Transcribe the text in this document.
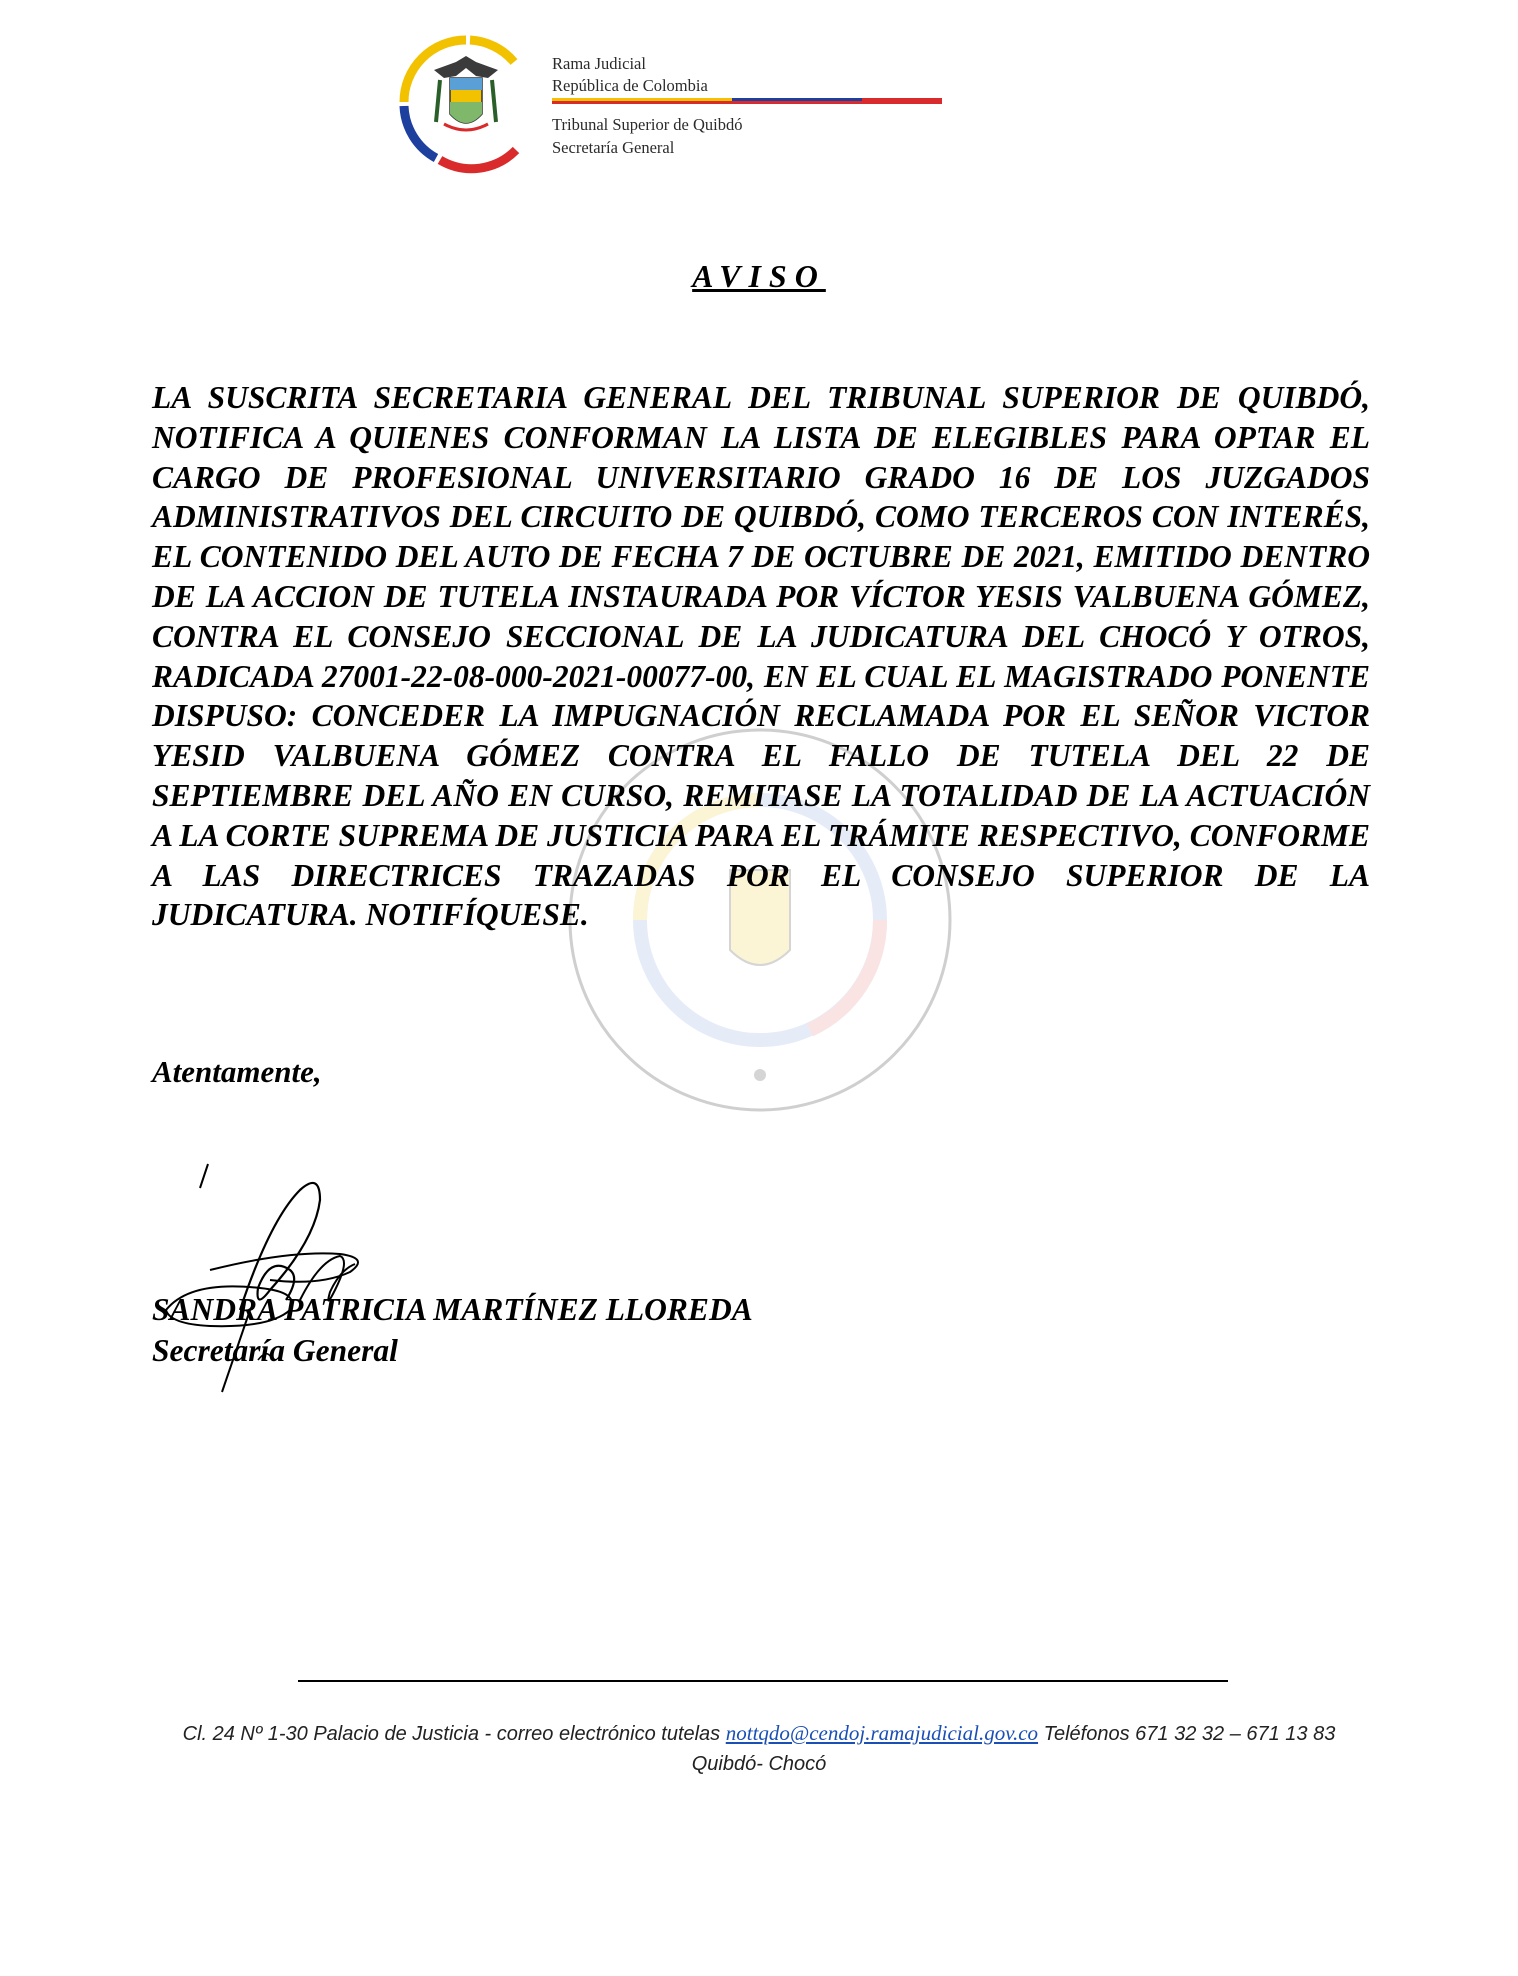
Rama Judicial
República de Colombia
Tribunal Superior de Quibdó
Secretaría General
AVISO
LA SUSCRITA SECRETARIA GENERAL DEL TRIBUNAL SUPERIOR DE QUIBDÓ, NOTIFICA A QUIENES CONFORMAN LA LISTA DE ELEGIBLES PARA OPTAR EL CARGO DE PROFESIONAL UNIVERSITARIO GRADO 16 DE LOS JUZGADOS ADMINISTRATIVOS DEL CIRCUITO DE QUIBDÓ, COMO TERCEROS CON INTERÉS, EL CONTENIDO DEL AUTO DE FECHA 7 DE OCTUBRE DE 2021, EMITIDO DENTRO DE LA ACCION DE TUTELA INSTAURADA POR VÍCTOR YESIS VALBUENA GÓMEZ, CONTRA EL CONSEJO SECCIONAL DE LA JUDICATURA DEL CHOCÓ Y OTROS, RADICADA 27001-22-08-000-2021-00077-00, EN EL CUAL EL MAGISTRADO PONENTE DISPUSO: CONCEDER LA IMPUGNACIÓN RECLAMADA POR EL SEÑOR VICTOR YESID VALBUENA GÓMEZ CONTRA EL FALLO DE TUTELA DEL 22 DE SEPTIEMBRE DEL AÑO EN CURSO, REMITASE LA TOTALIDAD DE LA ACTUACIÓN A LA CORTE SUPREMA DE JUSTICIA PARA EL TRÁMITE RESPECTIVO, CONFORME A LAS DIRECTRICES TRAZADAS POR EL CONSEJO SUPERIOR DE LA JUDICATURA. NOTIFÍQUESE.
Atentamente,
SANDRA PATRICIA MARTÍNEZ LLOREDA
Secretaría General
Cl. 24 Nº 1-30 Palacio de Justicia - correo electrónico tutelas nottqdo@cendoj.ramajudicial.gov.co Teléfonos 671 32 32 – 671 13 83
Quibdó- Chocó
